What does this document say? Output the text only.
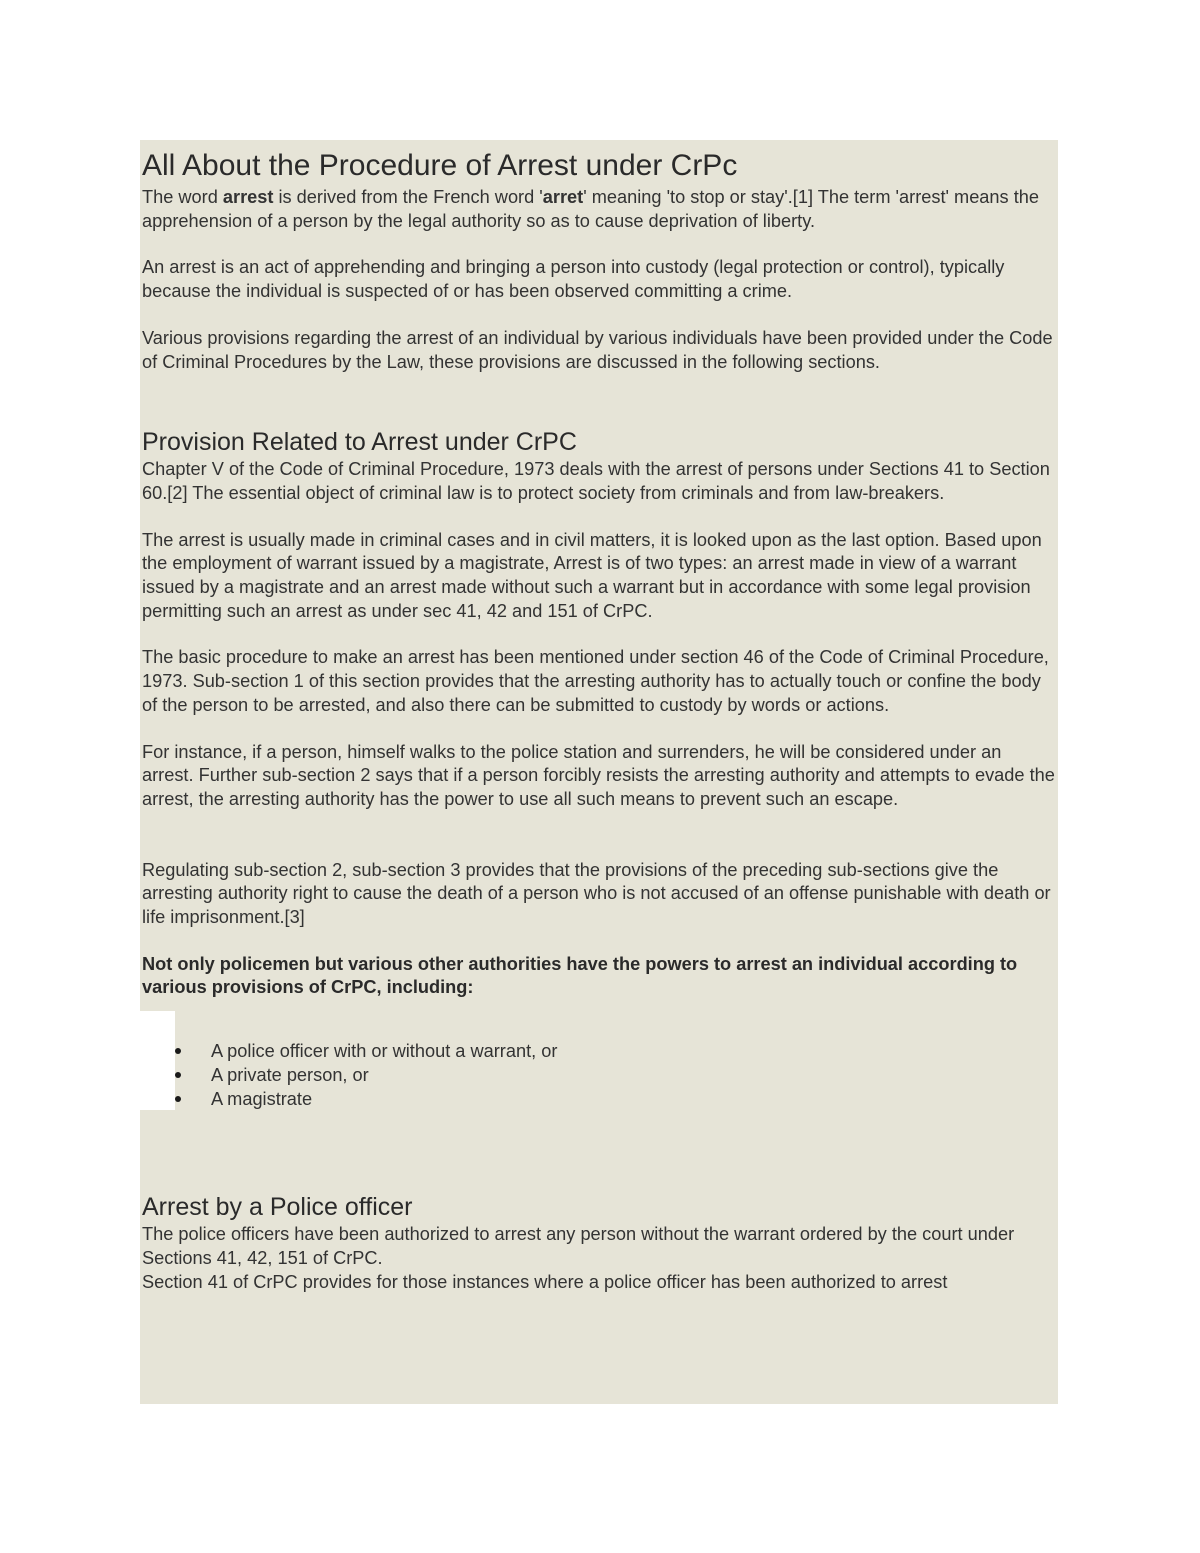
All About the Procedure of Arrest under CrPc

The word arrest is derived from the French word 'arret' meaning 'to stop or stay'.[1] The term 'arrest' means the apprehension of a person by the legal authority so as to cause deprivation of liberty.

An arrest is an act of apprehending and bringing a person into custody (legal protection or control), typically because the individual is suspected of or has been observed committing a crime.

Various provisions regarding the arrest of an individual by various individuals have been provided under the Code of Criminal Procedures by the Law, these provisions are discussed in the following sections.

Provision Related to Arrest under CrPC

Chapter V of the Code of Criminal Procedure, 1973 deals with the arrest of persons under Sections 41 to Section 60.[2] The essential object of criminal law is to protect society from criminals and from law-breakers.

The arrest is usually made in criminal cases and in civil matters, it is looked upon as the last option. Based upon the employment of warrant issued by a magistrate, Arrest is of two types: an arrest made in view of a warrant issued by a magistrate and an arrest made without such a warrant but in accordance with some legal provision permitting such an arrest as under sec 41, 42 and 151 of CrPC.

The basic procedure to make an arrest has been mentioned under section 46 of the Code of Criminal Procedure, 1973. Sub-section 1 of this section provides that the arresting authority has to actually touch or confine the body of the person to be arrested, and also there can be submitted to custody by words or actions.

For instance, if a person, himself walks to the police station and surrenders, he will be considered under an arrest. Further sub-section 2 says that if a person forcibly resists the arresting authority and attempts to evade the arrest, the arresting authority has the power to use all such means to prevent such an escape.

Regulating sub-section 2, sub-section 3 provides that the provisions of the preceding sub-sections give the arresting authority right to cause the death of a person who is not accused of an offense punishable with death or life imprisonment.[3]

Not only policemen but various other authorities have the powers to arrest an individual according to various provisions of CrPC, including:

A police officer with or without a warrant, or
A private person, or
A magistrate
Arrest by a Police officer

The police officers have been authorized to arrest any person without the warrant ordered by the court under Sections 41, 42, 151 of CrPC.

Section 41 of CrPC provides for those instances where a police officer has been authorized to arrest
